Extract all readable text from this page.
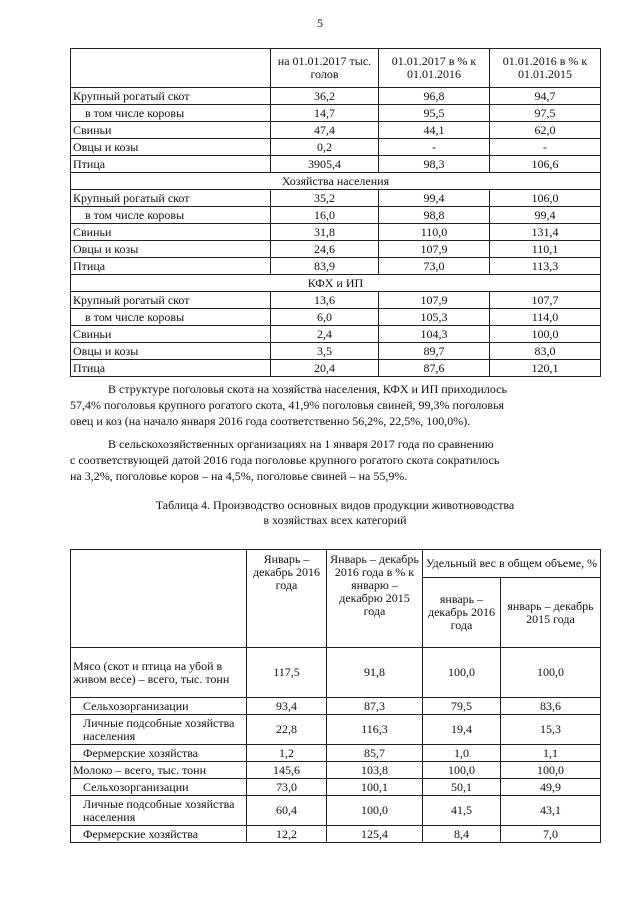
5
	на 01.01.2017 тыс. голов	01.01.2017 в % к 01.01.2016	01.01.2016 в % к 01.01.2015
Крупный рогатый скот	36,2	96,8	94,7
в том числе коровы	14,7	95,5	97,5
Свиньи	47,4	44,1	62,0
Овцы и козы	0,2	-	-
Птица	3905,4	98,3	106,6
Хозяйства населения			
Крупный рогатый скот	35,2	99,4	106,0
в том числе коровы	16,0	98,8	99,4
Свиньи	31,8	110,0	131,4
Овцы и козы	24,6	107,9	110,1
Птица	83,9	73,0	113,3
КФХ и ИП			
Крупный рогатый скот	13,6	107,9	107,7
в том числе коровы	6,0	105,3	114,0
Свиньи	2,4	104,3	100,0
Овцы и козы	3,5	89,7	83,0
Птица	20,4	87,6	120,1
В структуре поголовья скота на хозяйства населения, КФХ и ИП приходилось
57,4% поголовья крупного рогатого скота, 41,9% поголовья свиней, 99,3% поголовья
овец и коз (на начало января 2016 года соответственно 56,2%, 22,5%, 100,0%).
В сельскохозяйственных организациях на 1 января 2017 года по сравнению
с соответствующей датой 2016 года поголовье крупного рогатого скота сократилось
на 3,2%, поголовье коров – на 4,5%, поголовье свиней – на 55,9%.
Таблица 4. Производство основных видов продукции животноводства
в хозяйствах всех категорий
	Январь – декабрь 2016 года	Январь – декабрь 2016 года в % к январю – декабрю 2015 года	Удельный вес в общем объеме, %	
			январь – декабрь 2016 года	январь – декабрь 2015 года
Мясо (скот и птица на убой в живом весе) – всего, тыс. тонн	117,5	91,8	100,0	100,0
Сельхозорганизации	93,4	87,3	79,5	83,6
Личные подсобные хозяйства населения	22,8	116,3	19,4	15,3
Фермерские хозяйства	1,2	85,7	1,0	1,1
Молоко – всего, тыс. тонн	145,6	103,8	100,0	100,0
Сельхозорганизации	73,0	100,1	50,1	49,9
Личные подсобные хозяйства населения	60,4	100,0	41,5	43,1
Фермерские хозяйства	12,2	125,4	8,4	7,0
